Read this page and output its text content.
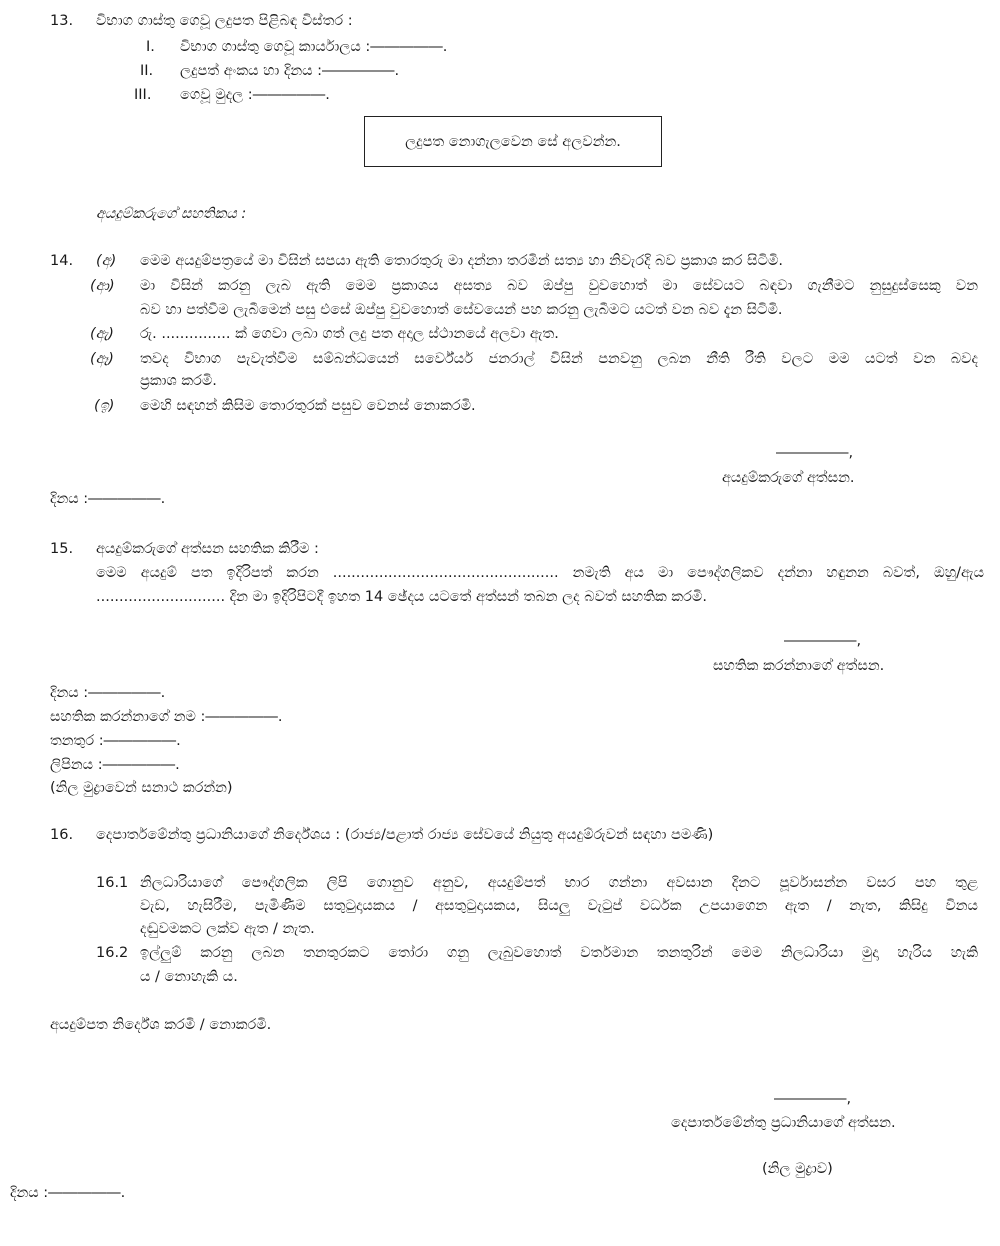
13. විභාග ගාස්තු ගෙවූ ලදුපත පිළිබඳ විස්තර :
I. විභාග ගාස්තු ගෙවූ කාර්යාලය :―――――.
II. ලදුපත් අංකය හා දිනය :―――――.
III. ගෙවූ මුදල :―――――.
ලදුපත නොගැලවෙන සේ අලවන්න.
අයදුම්කරුගේ සහතිකය :
14. (අ) මෙම අයදුම්පත්‍රයේ මා විසින් සපයා ඇති තොරතුරු මා දන්නා තරමින් සත්‍ය හා නිවැරදි බව ප්‍රකාශ කර සිටිමි.
(ආ) මා විසින් කරනු ලැබ ඇති මෙම ප්‍රකාශය අසත්‍ය බව ඔප්පු වුවහොත් මා සේවයට බඳවා ගැනීමට නුසුදුස්සෙකු වන
බව හා පත්වීම ලැබීමෙන් පසු එසේ ඔප්පු වුවහොත් සේවයෙන් පහ කරනු ලැබීමට යටත් වන බව දැන සිටිමි.
(ඇ) රු. ............... ක් ගෙවා ලබා ගත් ලදු පත අදාල ස්ථානයේ අලවා ඇත.
(ඈ) තවද විභාග පැවැත්වීම සම්බන්ධයෙන් සර්වේයර් ජනරාල් විසින් පනවනු ලබන නීති රීති වලට මම යටත් වන බවද
ප්‍රකාශ කරමි.
(ඉ) මෙහි සඳහන් කිසිම තොරතුරක් පසුව වෙනස් නොකරමි.
―――――,
අයදුම්කරුගේ අත්සන.
දිනය :―――――.
15. අයදුම්කරුගේ අත්සන සහතික කිරීම :
මෙම අයදුම් පත ඉදිරිපත් කරන ................................................. නමැති අය මා පෞද්ගලිකව දන්නා හඳුනන බවත්, ඔහු/ඇය
............................ දින මා ඉදිරිපිටදී ඉහත 14 ඡේදය යටතේ අත්සන් තබන ලද බවත් සහතික කරමි.
―――――,
සහතික කරන්නාගේ අත්සන.
දිනය :―――――.
සහතික කරන්නාගේ නම :―――――.
තනතුර :―――――.
ලිපිනය :―――――.
(නිල මුද්‍රාවෙන් සනාථ කරන්න)
16. දෙපාර්තමේන්තු ප්‍රධානියාගේ නිර්දේශය : (රාජ්‍ය/පළාත් රාජ්‍ය සේවයේ නියුතු අයදුම්රුවන් සඳහා පමණි)
16.1 නිලධාරියාගේ පෞද්ගලික ලිපි ගොනුව අනුව, අයදුම්පත් භාර ගන්නා අවසාන දිනට පූර්වාසන්න වසර පහ තුළ
වැඩ, හැසිරීම, පැමිණීම සතුටුදායකය / අසතුටුදායකය, සියලු වැටුප් වර්ධක උපයාගෙන ඇත / නැත, කිසිදු විනය
දඬුවමකට ලක්ව ඇත / නැත.
16.2 ඉල්ලුම් කරනු ලබන තනතුරකට තෝරා ගනු ලැබුවහොත් වර්තමාන තනතුරින් මෙම නිලධාරියා මුදා හැරිය හැකි
ය / නොහැකි ය.
අයදුම්පත නිර්දේශ කරමි / නොකරමි.
―――――,
දෙපාර්තමේන්තු ප්‍රධානියාගේ අත්සන.
(නිල මුද්‍රාව)
දිනය :―――――.
